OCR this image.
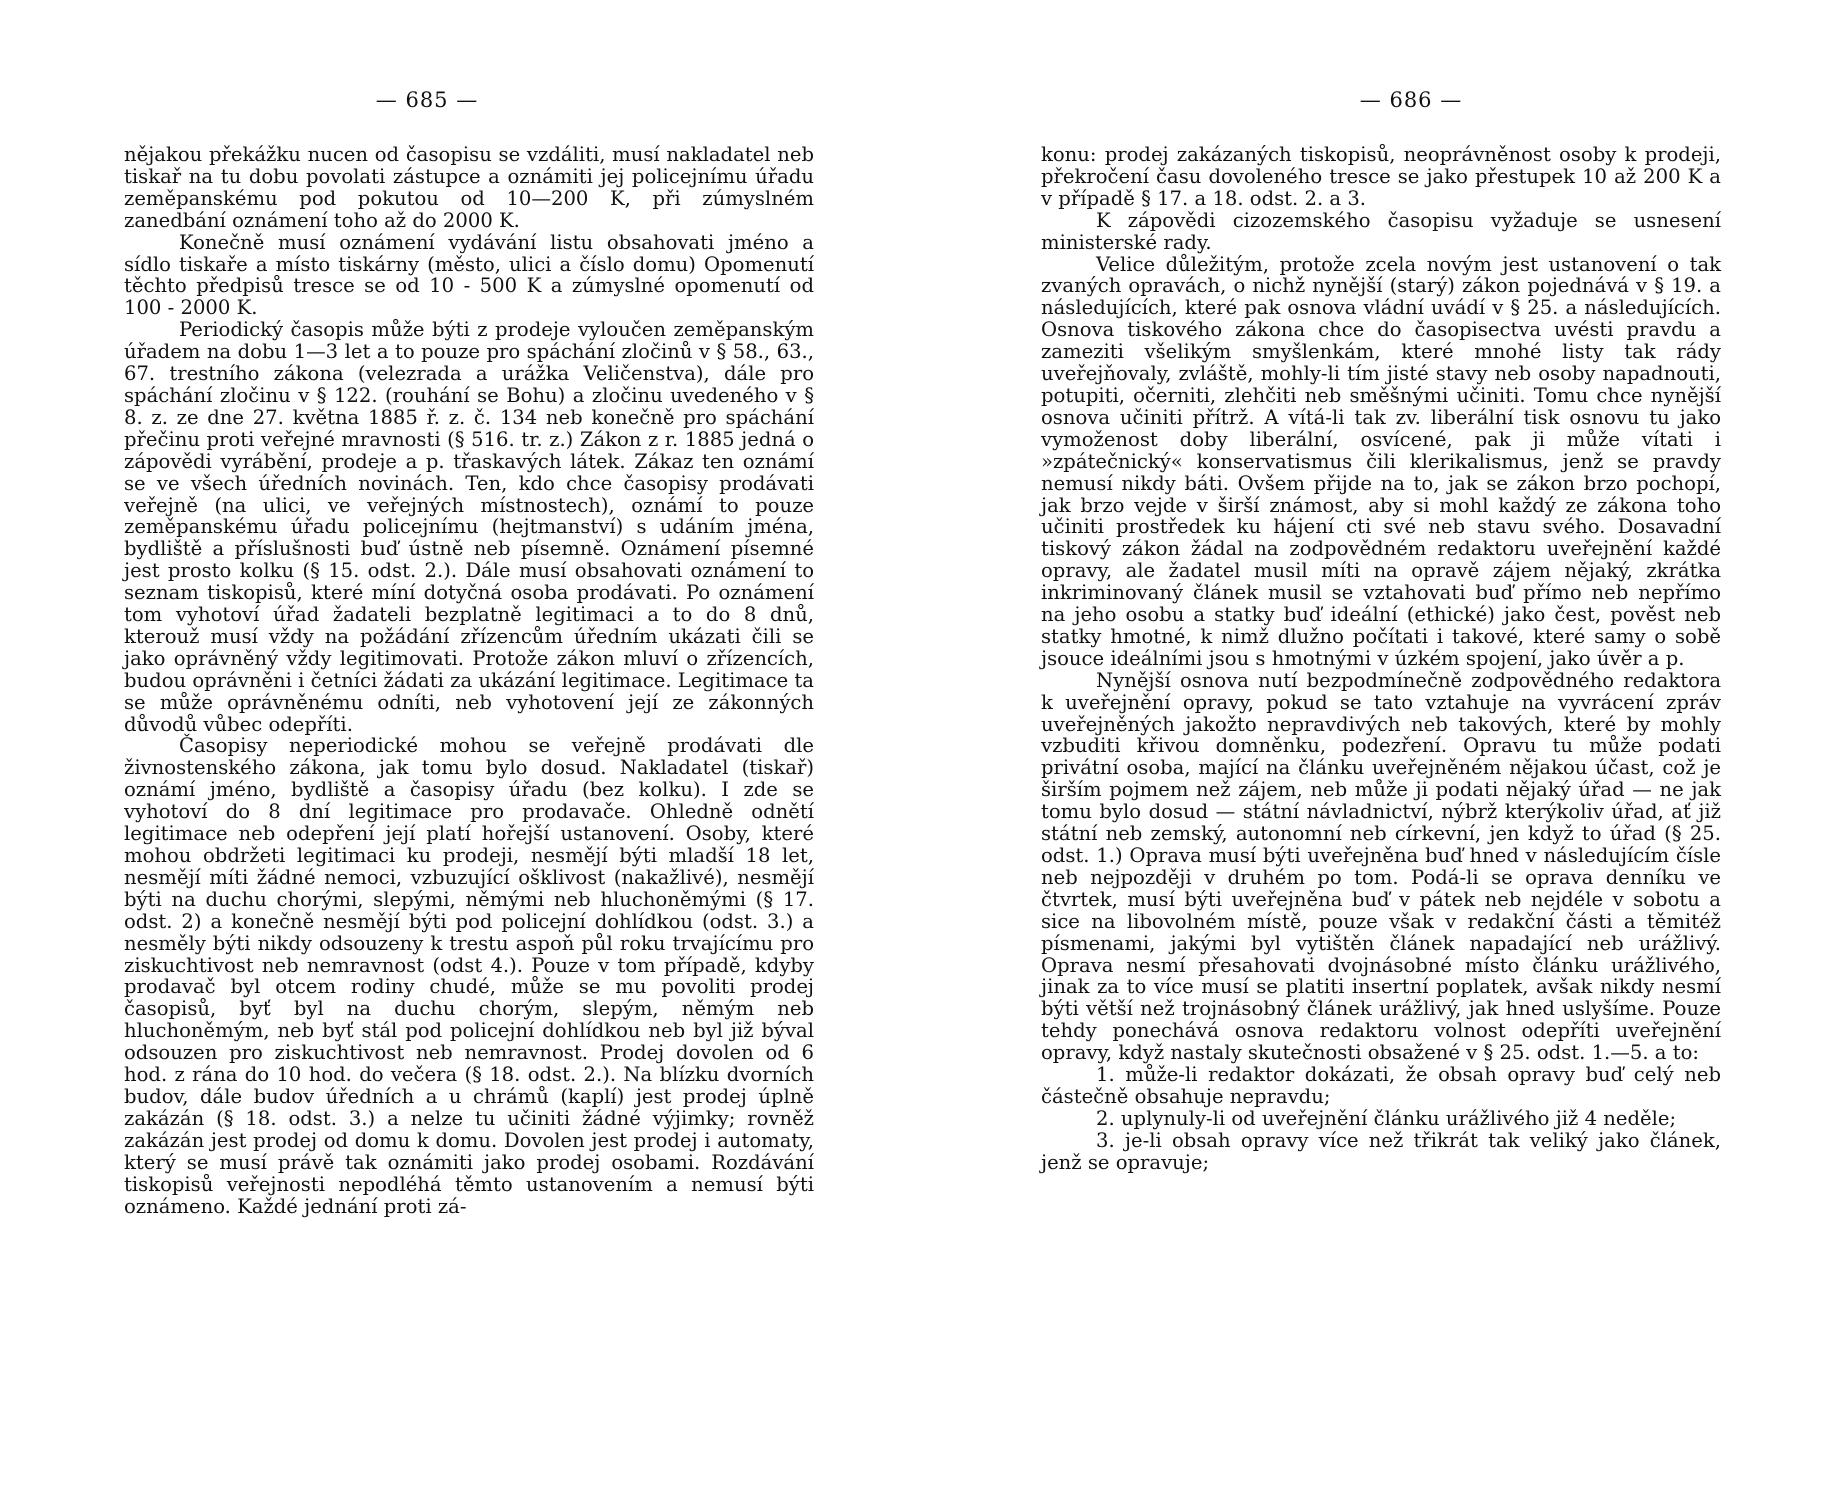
— 685 —

nějakou překážku nucen od časopisu se vzdáliti, musí nakladatel neb tiskař na tu dobu povolati zástupce a oznámiti jej policejnímu úřadu zeměpanskému pod pokutou od 10—200 K, při zúmyslném zanedbání oznámení toho až do 2000 K.

Konečně musí oznámení vydávání listu obsahovati jméno a sídlo tiskaře a místo tiskárny (město, ulici a číslo domu) Opomenutí těchto předpisů tresce se od 10 - 500 K a zúmyslné opomenutí od 100 - 2000 K.

Periodický časopis může býti z prodeje vyloučen zeměpanským úřadem na dobu 1—3 let a to pouze pro spáchání zločinů v § 58., 63., 67. trestního zákona (velezrada a urážka Veličenstva), dále pro spáchání zločinu v § 122. (rouhání se Bohu) a zločinu uvedeného v § 8. z. ze dne 27. května 1885 ř. z. č. 134 neb konečně pro spáchání přečinu proti veřejné mravnosti (§ 516. tr. z.) Zákon z r. 1885 jedná o zápovědi vyrábění, prodeje a p. třaskavých látek. Zákaz ten oznámí se ve všech úředních novinách. Ten, kdo chce časopisy prodávati veřejně (na ulici, ve veřejných místnostech), oznámí to pouze zeměpanskému úřadu policejnímu (hejtmanství) s udáním jména, bydliště a příslušnosti buď ústně neb písemně. Oznámení písemné jest prosto kolku (§ 15. odst. 2.). Dále musí obsahovati oznámení to seznam tiskopisů, které míní dotyčná osoba prodávati. Po oznámení tom vyhotoví úřad žadateli bezplatně legitimaci a to do 8 dnů, kterouž musí vždy na požádání zřízencům úředním ukázati čili se jako oprávněný vždy legitimovati. Protože zákon mluví o zřízencích, budou oprávněni i četníci žádati za ukázání legitimace. Legitimace ta se může oprávněnému odníti, neb vyhotovení její ze zákonných důvodů vůbec odepříti.

Časopisy neperiodické mohou se veřejně prodávati dle živnostenského zákona, jak tomu bylo dosud. Nakladatel (tiskař) oznámí jméno, bydliště a časopisy úřadu (bez kolku). I zde se vyhotoví do 8 dní legitimace pro prodavače. Ohledně odnětí legitimace neb odepření její platí hořejší ustanovení. Osoby, které mohou obdržeti legitimaci ku prodeji, nesmějí býti mladší 18 let, nesmějí míti žádné nemoci, vzbuzující ošklivost (nakažlivé), nesmějí býti na duchu chorými, slepými, němými neb hluchoněmými (§ 17. odst. 2) a konečně nesmějí býti pod policejní dohlídkou (odst. 3.) a nesměly býti nikdy odsouzeny k trestu aspoň půl roku trvajícímu pro ziskuchtivost neb nemravnost (odst 4.). Pouze v tom případě, kdyby prodavač byl otcem rodiny chudé, může se mu povoliti prodej časopisů, byť byl na duchu chorým, slepým, němým neb hluchoněmým, neb byť stál pod policejní dohlídkou neb byl již býval odsouzen pro ziskuchtivost neb nemravnost. Prodej dovolen od 6 hod. z rána do 10 hod. do večera (§ 18. odst. 2.). Na blízku dvorních budov, dále budov úředních a u chrámů (kaplí) jest prodej úplně zakázán (§ 18. odst. 3.) a nelze tu učiniti žádné výjimky; rovněž zakázán jest prodej od domu k domu. Dovolen jest prodej i automaty, který se musí právě tak oznámiti jako prodej osobami. Rozdávání tiskopisů veřejnosti nepodléhá těmto ustanovením a nemusí býti oznámeno. Každé jednání proti zá-

— 686 —

konu: prodej zakázaných tiskopisů, neoprávněnost osoby k prodeji, překročení času dovoleného tresce se jako přestupek 10 až 200 K a v případě § 17. a 18. odst. 2. a 3.

K zápovědi cizozemského časopisu vyžaduje se usnesení ministerské rady.

Velice důležitým, protože zcela novým jest ustanovení o tak zvaných opravách, o nichž nynější (starý) zákon pojednává v § 19. a následujících, které pak osnova vládní uvádí v § 25. a následujících. Osnova tiskového zákona chce do časopisectva uvésti pravdu a zameziti všelikým smyšlenkám, které mnohé listy tak rády uveřejňovaly, zvláště, mohly-li tím jisté stavy neb osoby napadnouti, potupiti, očerniti, zlehčiti neb směšnými učiniti. Tomu chce nynější osnova učiniti přítrž. A vítá-li tak zv. liberální tisk osnovu tu jako vymoženost doby liberální, osvícené, pak ji může vítati i »zpátečnický« konservatismus čili klerikalismus, jenž se pravdy nemusí nikdy báti. Ovšem přijde na to, jak se zákon brzo pochopí, jak brzo vejde v širší známost, aby si mohl každý ze zákona toho učiniti prostředek ku hájení cti své neb stavu svého. Dosavadní tiskový zákon žádal na zodpovědném redaktoru uveřejnění každé opravy, ale žadatel musil míti na opravě zájem nějaký, zkrátka inkriminovaný článek musil se vztahovati buď přímo neb nepřímo na jeho osobu a statky buď ideální (ethické) jako čest, pověst neb statky hmotné, k nimž dlužno počítati i takové, které samy o sobě jsouce ideálními jsou s hmotnými v úzkém spojení, jako úvěr a p.

Nynější osnova nutí bezpodmínečně zodpovědného redaktora k uveřejnění opravy, pokud se tato vztahuje na vyvrácení zpráv uveřejněných jakožto nepravdivých neb takových, které by mohly vzbuditi křivou domněnku, podezření. Opravu tu může podati privátní osoba, mající na článku uveřejněném nějakou účast, což je širším pojmem než zájem, neb může ji podati nějaký úřad — ne jak tomu bylo dosud — státní návladnictví, nýbrž kterýkoliv úřad, ať již státní neb zemský, autonomní neb církevní, jen když to úřad (§ 25. odst. 1.) Oprava musí býti uveřejněna buď hned v následujícím čísle neb nejpozději v druhém po tom. Podá-li se oprava denníku ve čtvrtek, musí býti uveřejněna buď v pátek neb nejdéle v sobotu a sice na libovolném místě, pouze však v redakční části a těmitéž písmenami, jakými byl vytištěn článek napadající neb urážlivý. Oprava nesmí přesahovati dvojnásobné místo článku urážlivého, jinak za to více musí se platiti insertní poplatek, avšak nikdy nesmí býti větší než trojnásobný článek urážlivý, jak hned uslyšíme. Pouze tehdy ponechává osnova redaktoru volnost odepříti uveřejnění opravy, když nastaly skutečnosti obsažené v § 25. odst. 1.—5. a to:

1. může-li redaktor dokázati, že obsah opravy buď celý neb částečně obsahuje nepravdu;

2. uplynuly-li od uveřejnění článku urážlivého již 4 neděle;

3. je-li obsah opravy více než třikrát tak veliký jako článek, jenž se opravuje;
